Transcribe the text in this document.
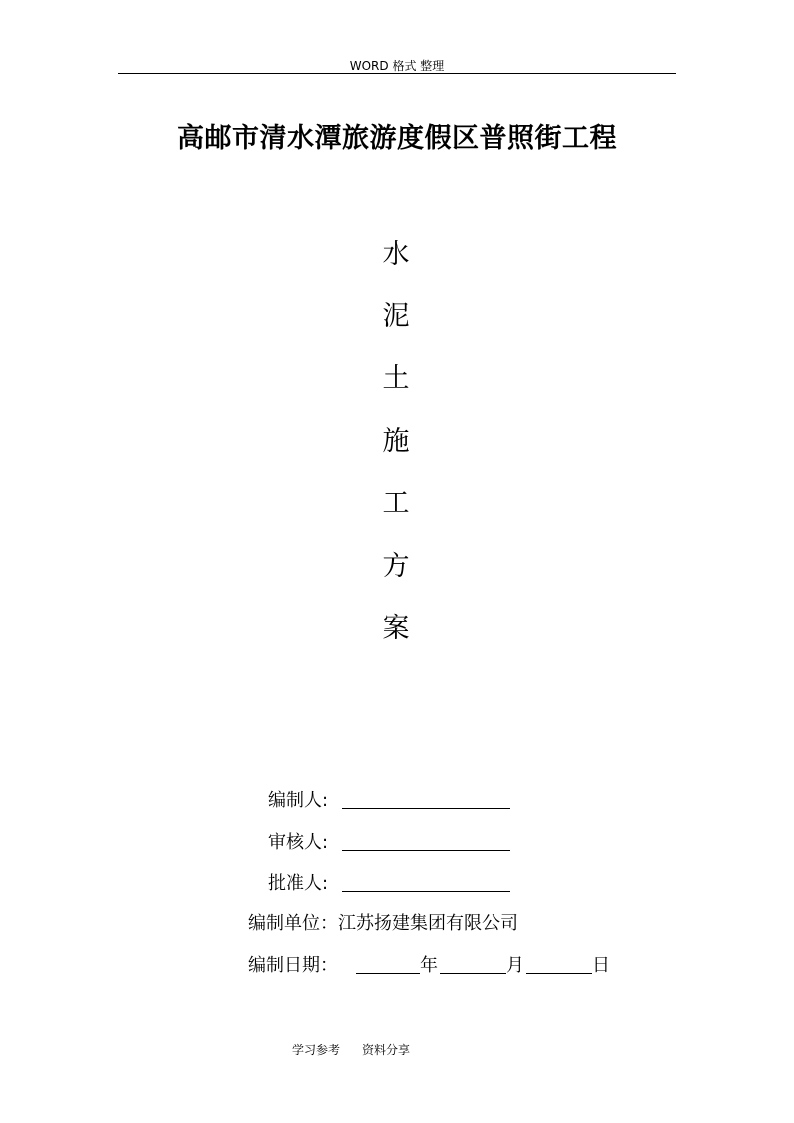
WORD 格式 整理
高邮市清水潭旅游度假区普照街工程
水
泥
土
施
工
方
案
编制人:
审核人:
批准人:
编制单位：江苏扬建集团有限公司
编制日期：	年	月	日
学习参考 资料分享
